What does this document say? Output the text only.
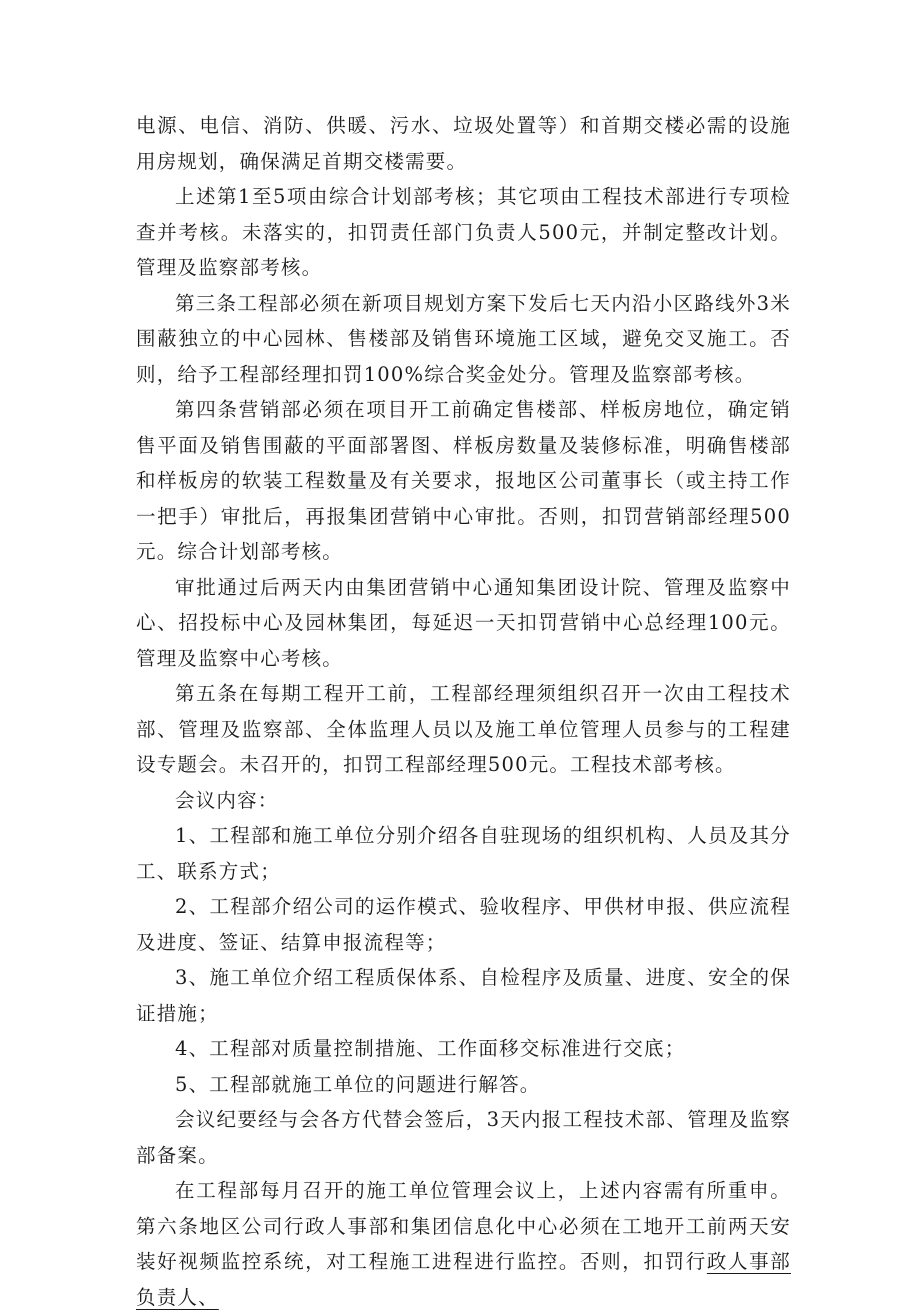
电源、电信、消防、供暖、污水、垃圾处置等）和首期交楼必需的设施用房规划，确保满足首期交楼需要。

上述第1至5项由综合计划部考核；其它项由工程技术部进行专项检查并考核。未落实的，扣罚责任部门负责人500元，并制定整改计划。管理及监察部考核。

第三条工程部必须在新项目规划方案下发后七天内沿小区路线外3米围蔽独立的中心园林、售楼部及销售环境施工区域，避免交叉施工。否则，给予工程部经理扣罚100%综合奖金处分。管理及监察部考核。

第四条营销部必须在项目开工前确定售楼部、样板房地位，确定销售平面及销售围蔽的平面部署图、样板房数量及装修标准，明确售楼部和样板房的软装工程数量及有关要求，报地区公司董事长（或主持工作一把手）审批后，再报集团营销中心审批。否则，扣罚营销部经理500元。综合计划部考核。

审批通过后两天内由集团营销中心通知集团设计院、管理及监察中心、招投标中心及园林集团，每延迟一天扣罚营销中心总经理100元。管理及监察中心考核。

第五条在每期工程开工前，工程部经理须组织召开一次由工程技术部、管理及监察部、全体监理人员以及施工单位管理人员参与的工程建设专题会。未召开的，扣罚工程部经理500元。工程技术部考核。

会议内容：

1、工程部和施工单位分别介绍各自驻现场的组织机构、人员及其分工、联系方式；

2、工程部介绍公司的运作模式、验收程序、甲供材申报、供应流程及进度、签证、结算申报流程等；

3、施工单位介绍工程质保体系、自检程序及质量、进度、安全的保证措施；

4、工程部对质量控制措施、工作面移交标准进行交底；

5、工程部就施工单位的问题进行解答。

会议纪要经与会各方代替会签后，3天内报工程技术部、管理及监察部备案。

在工程部每月召开的施工单位管理会议上，上述内容需有所重申。第六条地区公司行政人事部和集团信息化中心必须在工地开工前两天安装好视频监控系统，对工程施工进程进行监控。否则，扣罚行政人事部负责人、
